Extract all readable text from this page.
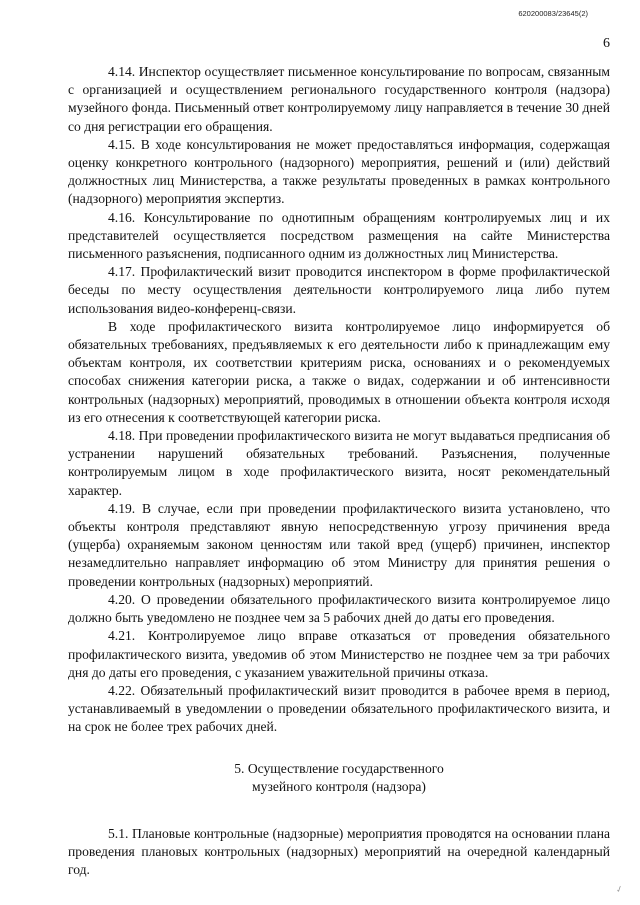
620200083/23645(2)
6

4.14. Инспектор осуществляет письменное консультирование по вопросам, связанным с организацией и осуществлением регионального государственного контроля (надзора) музейного фонда. Письменный ответ контролируемому лицу направляется в течение 30 дней со дня регистрации его обращения.

4.15. В ходе консультирования не может предоставляться информация, содержащая оценку конкретного контрольного (надзорного) мероприятия, решений и (или) действий должностных лиц Министерства, а также результаты проведенных в рамках контрольного (надзорного) мероприятия экспертиз.

4.16. Консультирование по однотипным обращениям контролируемых лиц и их представителей осуществляется посредством размещения на сайте Министерства письменного разъяснения, подписанного одним из должностных лиц Министерства.

4.17. Профилактический визит проводится инспектором в форме профилактической беседы по месту осуществления деятельности контролируемого лица либо путем использования видео-конференц-связи.

В ходе профилактического визита контролируемое лицо информируется об обязательных требованиях, предъявляемых к его деятельности либо к принадлежащим ему объектам контроля, их соответствии критериям риска, основаниях и о рекомендуемых способах снижения категории риска, а также о видах, содержании и об интенсивности контрольных (надзорных) мероприятий, проводимых в отношении объекта контроля исходя из его отнесения к соответствующей категории риска.

4.18. При проведении профилактического визита не могут выдаваться предписания об устранении нарушений обязательных требований. Разъяснения, полученные контролируемым лицом в ходе профилактического визита, носят рекомендательный характер.

4.19. В случае, если при проведении профилактического визита установлено, что объекты контроля представляют явную непосредственную угрозу причинения вреда (ущерба) охраняемым законом ценностям или такой вред (ущерб) причинен, инспектор незамедлительно направляет информацию об этом Министру для принятия решения о проведении контрольных (надзорных) мероприятий.

4.20. О проведении обязательного профилактического визита контролируемое лицо должно быть уведомлено не позднее чем за 5 рабочих дней до даты его проведения.

4.21. Контролируемое лицо вправе отказаться от проведения обязательного профилактического визита, уведомив об этом Министерство не позднее чем за три рабочих дня до даты его проведения, с указанием уважительной причины отказа.

4.22. Обязательный профилактический визит проводится в рабочее время в период, устанавливаемый в уведомлении о проведении обязательного профилактического визита, и на срок не более трех рабочих дней.

5. Осуществление государственного
музейного контроля (надзора)

5.1. Плановые контрольные (надзорные) мероприятия проводятся на основании плана проведения плановых контрольных (надзорных) мероприятий на очередной календарный год.

✓
